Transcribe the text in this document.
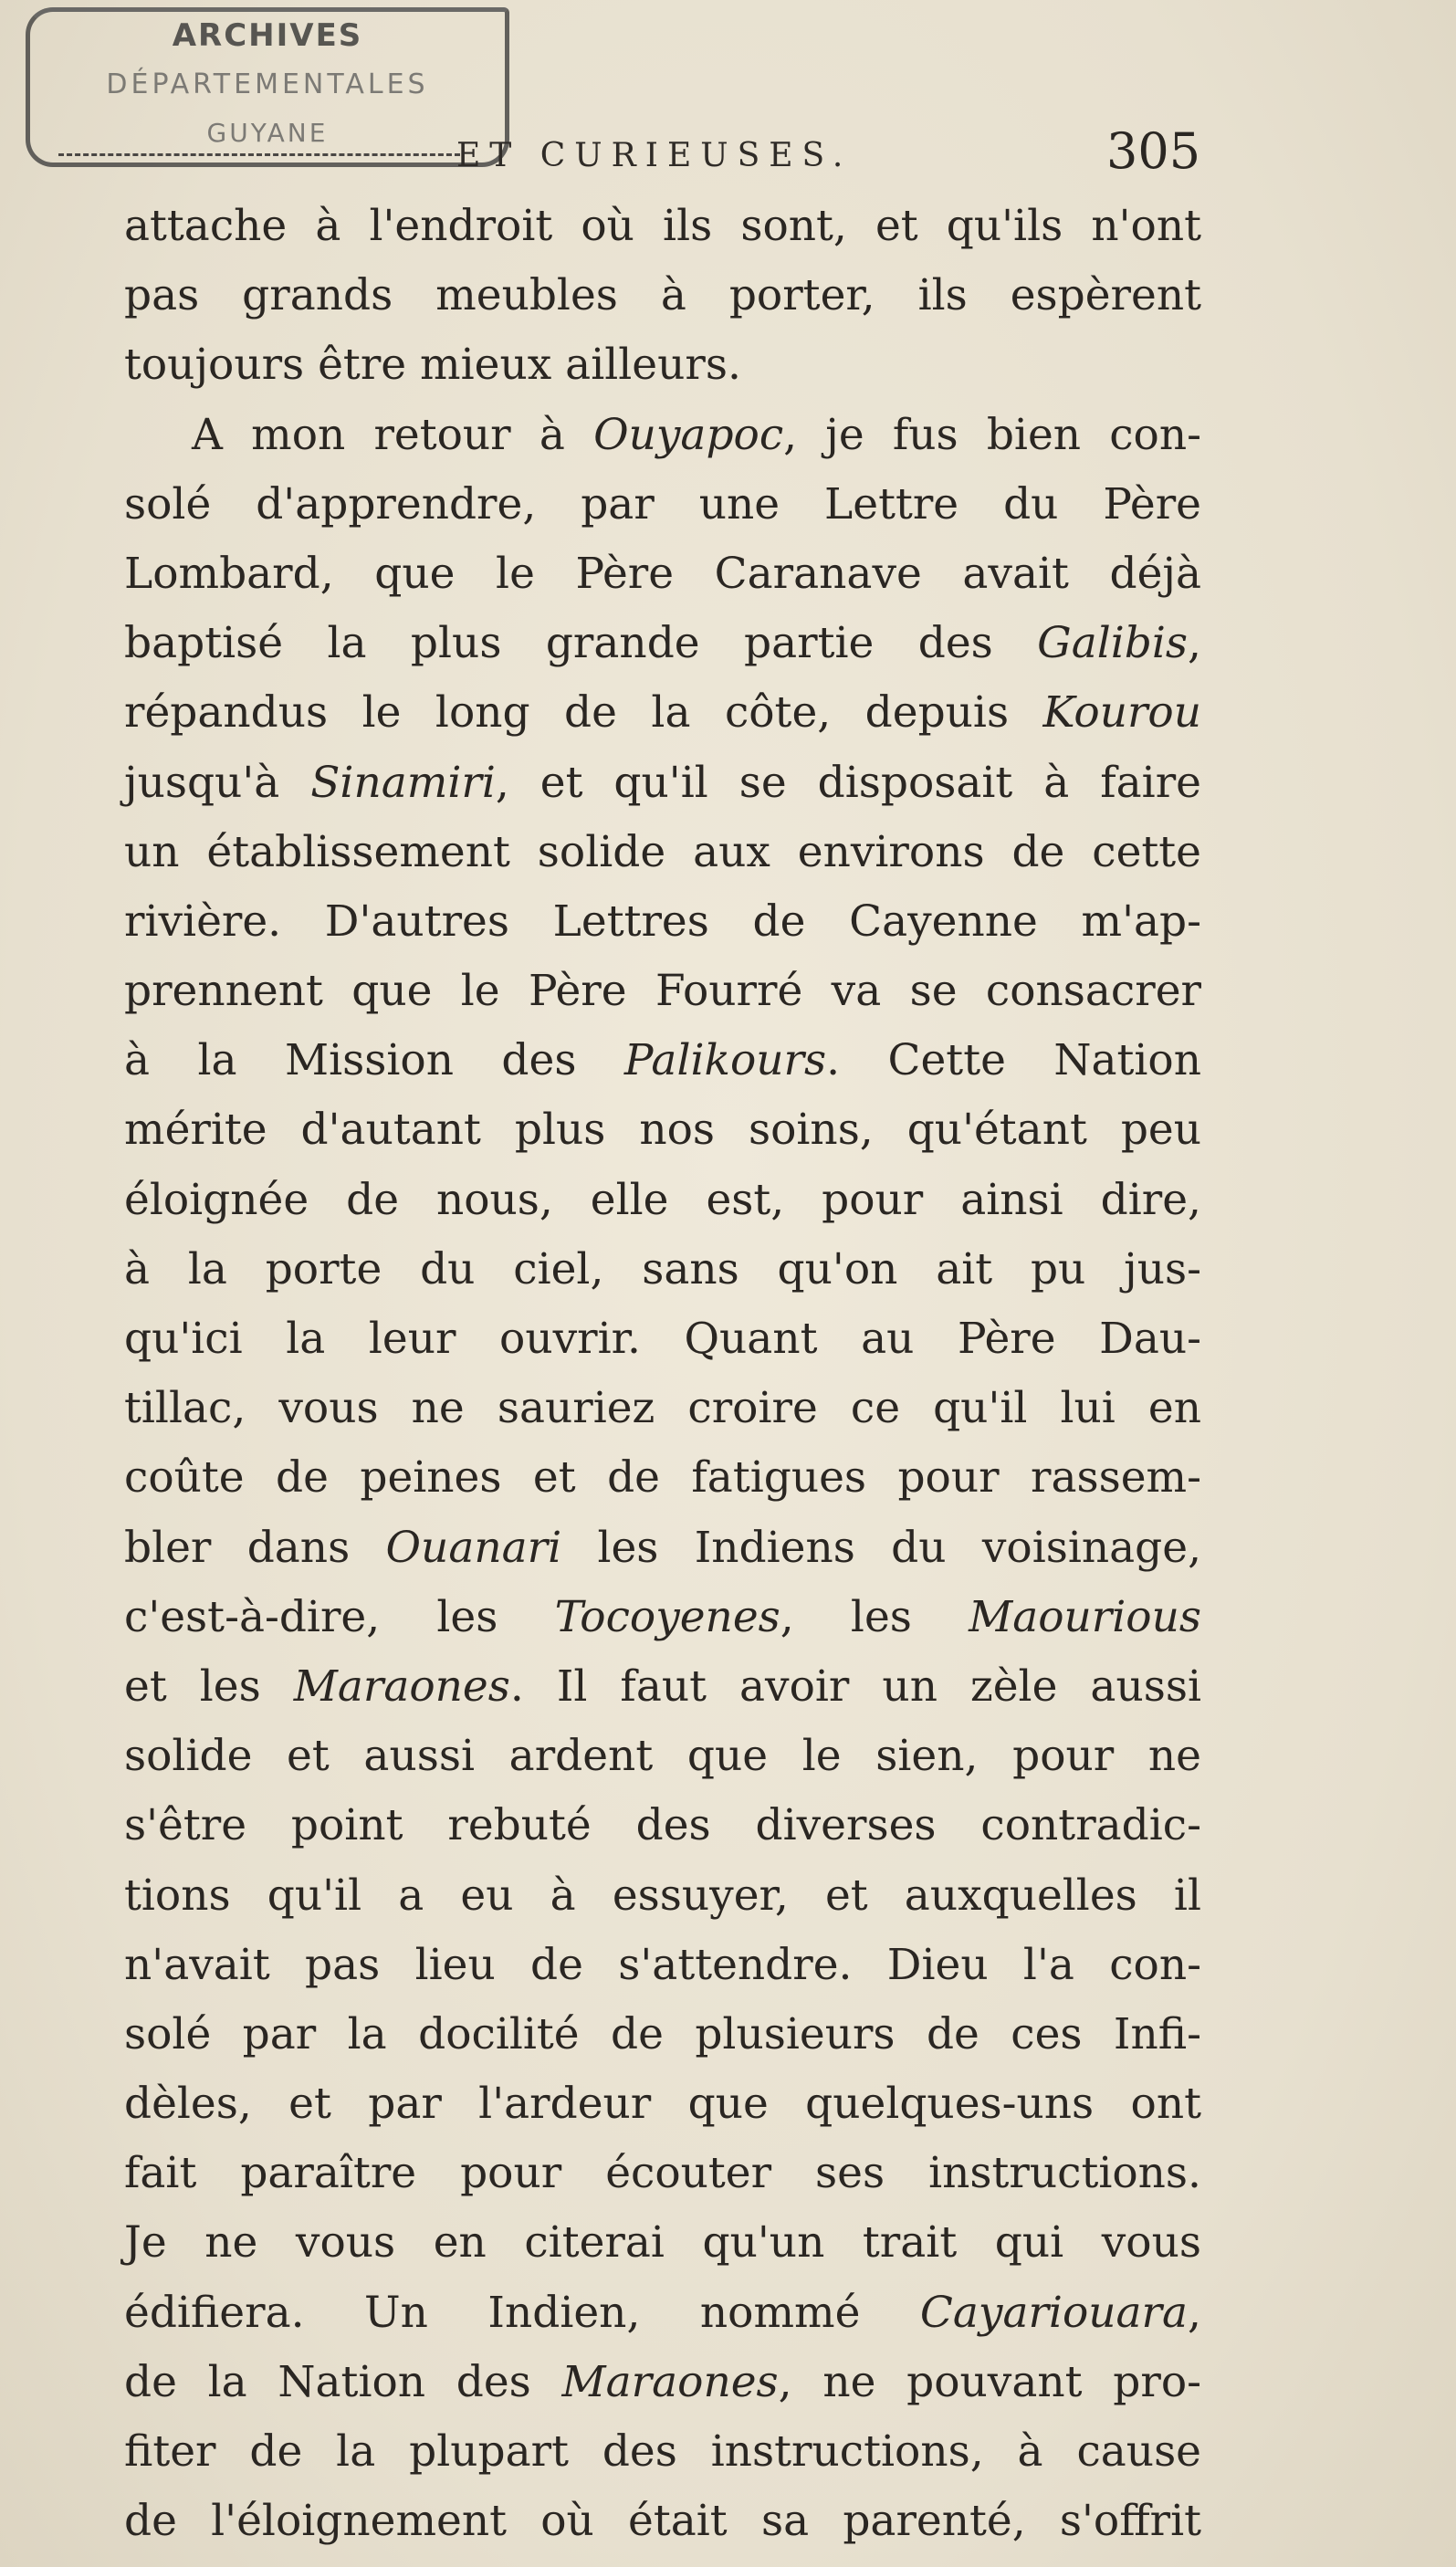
ARCHIVES
DÉPARTEMENTALES
GUYANE
ET CURIEUSES.	305
attache à l'endroit où ils sont, et qu'ils n'ont
pas grands meubles à porter, ils espèrent
toujours être mieux ailleurs.
A mon retour à Ouyapoc, je fus bien con-
solé d'apprendre, par une Lettre du Père
Lombard, que le Père Caranave avait déjà
baptisé la plus grande partie des Galibis,
répandus le long de la côte, depuis Kourou
jusqu'à Sinamiri, et qu'il se disposait à faire
un établissement solide aux environs de cette
rivière. D'autres Lettres de Cayenne m'ap-
prennent que le Père Fourré va se consacrer
à la Mission des Palikours. Cette Nation
mérite d'autant plus nos soins, qu'étant peu
éloignée de nous, elle est, pour ainsi dire,
à la porte du ciel, sans qu'on ait pu jus-
qu'ici la leur ouvrir. Quant au Père Dau-
tillac, vous ne sauriez croire ce qu'il lui en
coûte de peines et de fatigues pour rassem-
bler dans Ouanari les Indiens du voisinage,
c'est-à-dire, les Tocoyenes, les Maourious
et les Maraones. Il faut avoir un zèle aussi
solide et aussi ardent que le sien, pour ne
s'être point rebuté des diverses contradic-
tions qu'il a eu à essuyer, et auxquelles il
n'avait pas lieu de s'attendre. Dieu l'a con-
solé par la docilité de plusieurs de ces Infi-
dèles, et par l'ardeur que quelques-uns ont
fait paraître pour écouter ses instructions.
Je ne vous en citerai qu'un trait qui vous
édifiera. Un Indien, nommé Cayariouara,
de la Nation des Maraones, ne pouvant pro-
fiter de la plupart des instructions, à cause
de l'éloignement où était sa parenté, s'offrit
